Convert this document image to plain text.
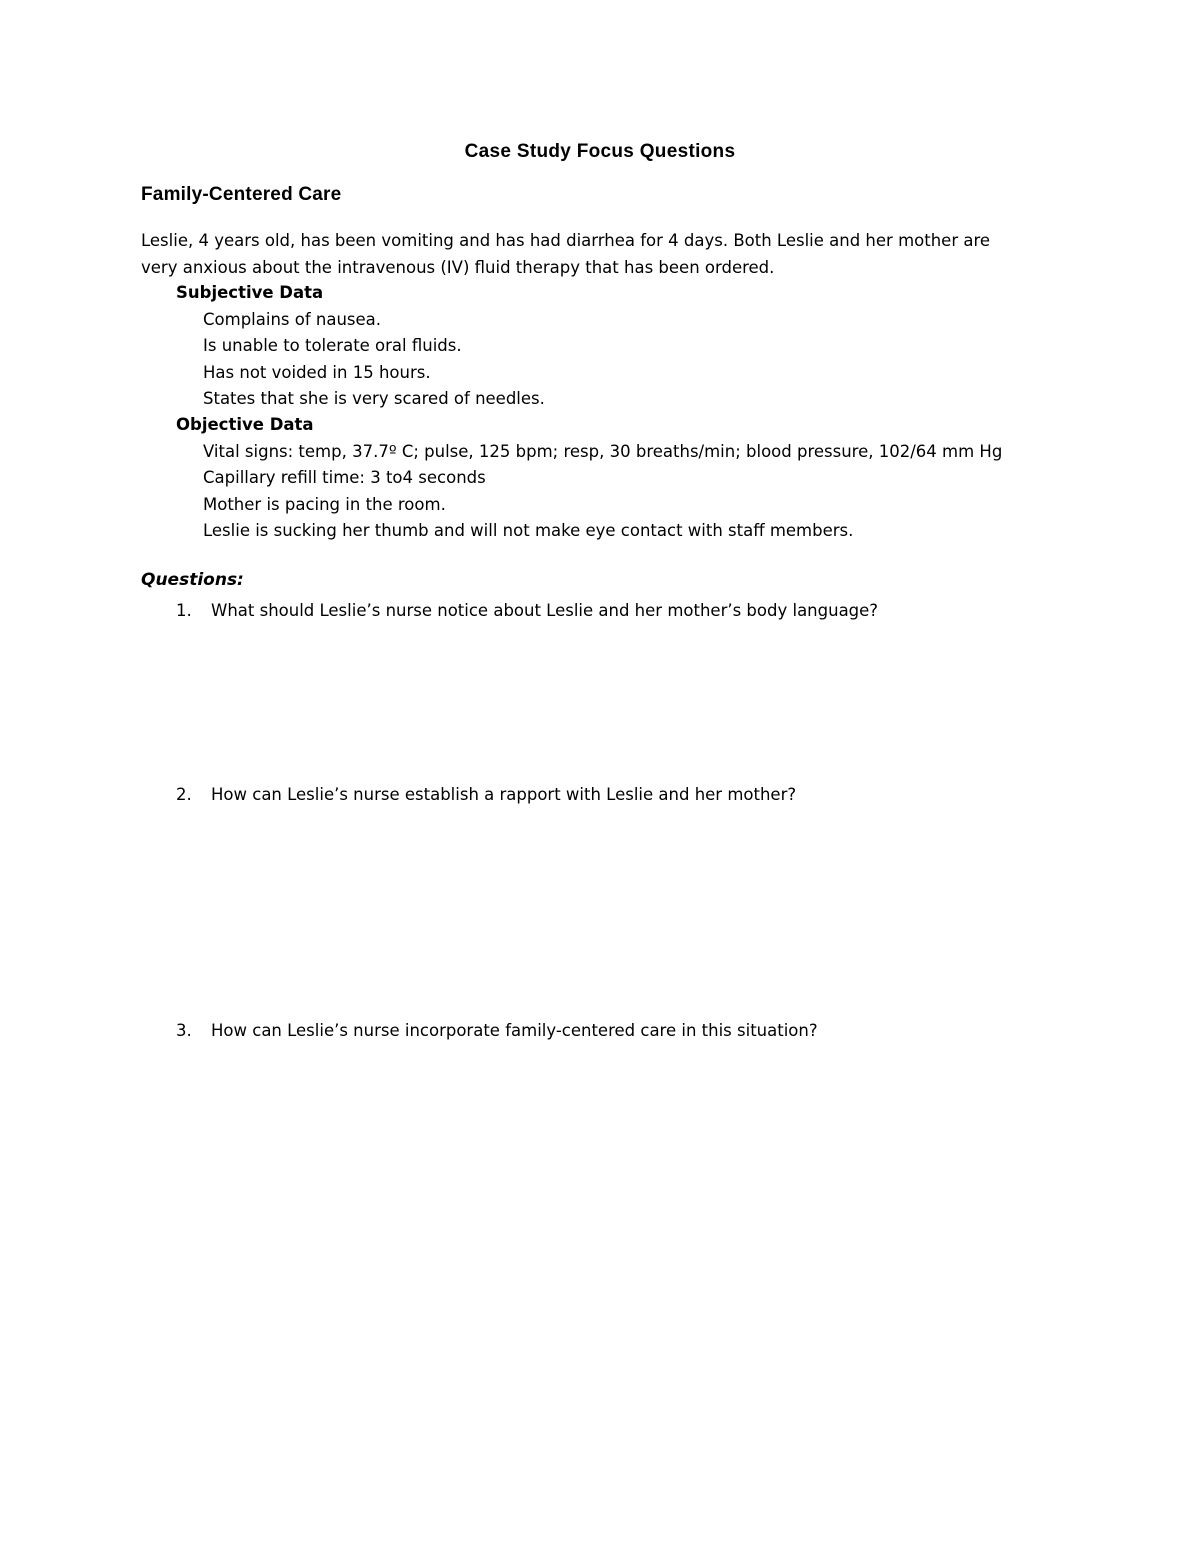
Case Study Focus Questions
Family-Centered Care

Leslie, 4 years old, has been vomiting and has had diarrhea for 4 days. Both Leslie and her mother are

very anxious about the intravenous (IV) fluid therapy that has been ordered.

Subjective Data

Complains of nausea.
Is unable to tolerate oral fluids.
Has not voided in 15 hours.
States that she is very scared of needles.

Objective Data

Vital signs: temp, 37.7º C; pulse, 125 bpm; resp, 30 breaths/min; blood pressure, 102/64 mm Hg
Capillary refill time: 3 to4 seconds
Mother is pacing in the room.
Leslie is sucking her thumb and will not make eye contact with staff members.
Questions:
1. What should Leslie’s nurse notice about Leslie and her mother’s body language?
2. How can Leslie’s nurse establish a rapport with Leslie and her mother?
3. How can Leslie’s nurse incorporate family-centered care in this situation?
